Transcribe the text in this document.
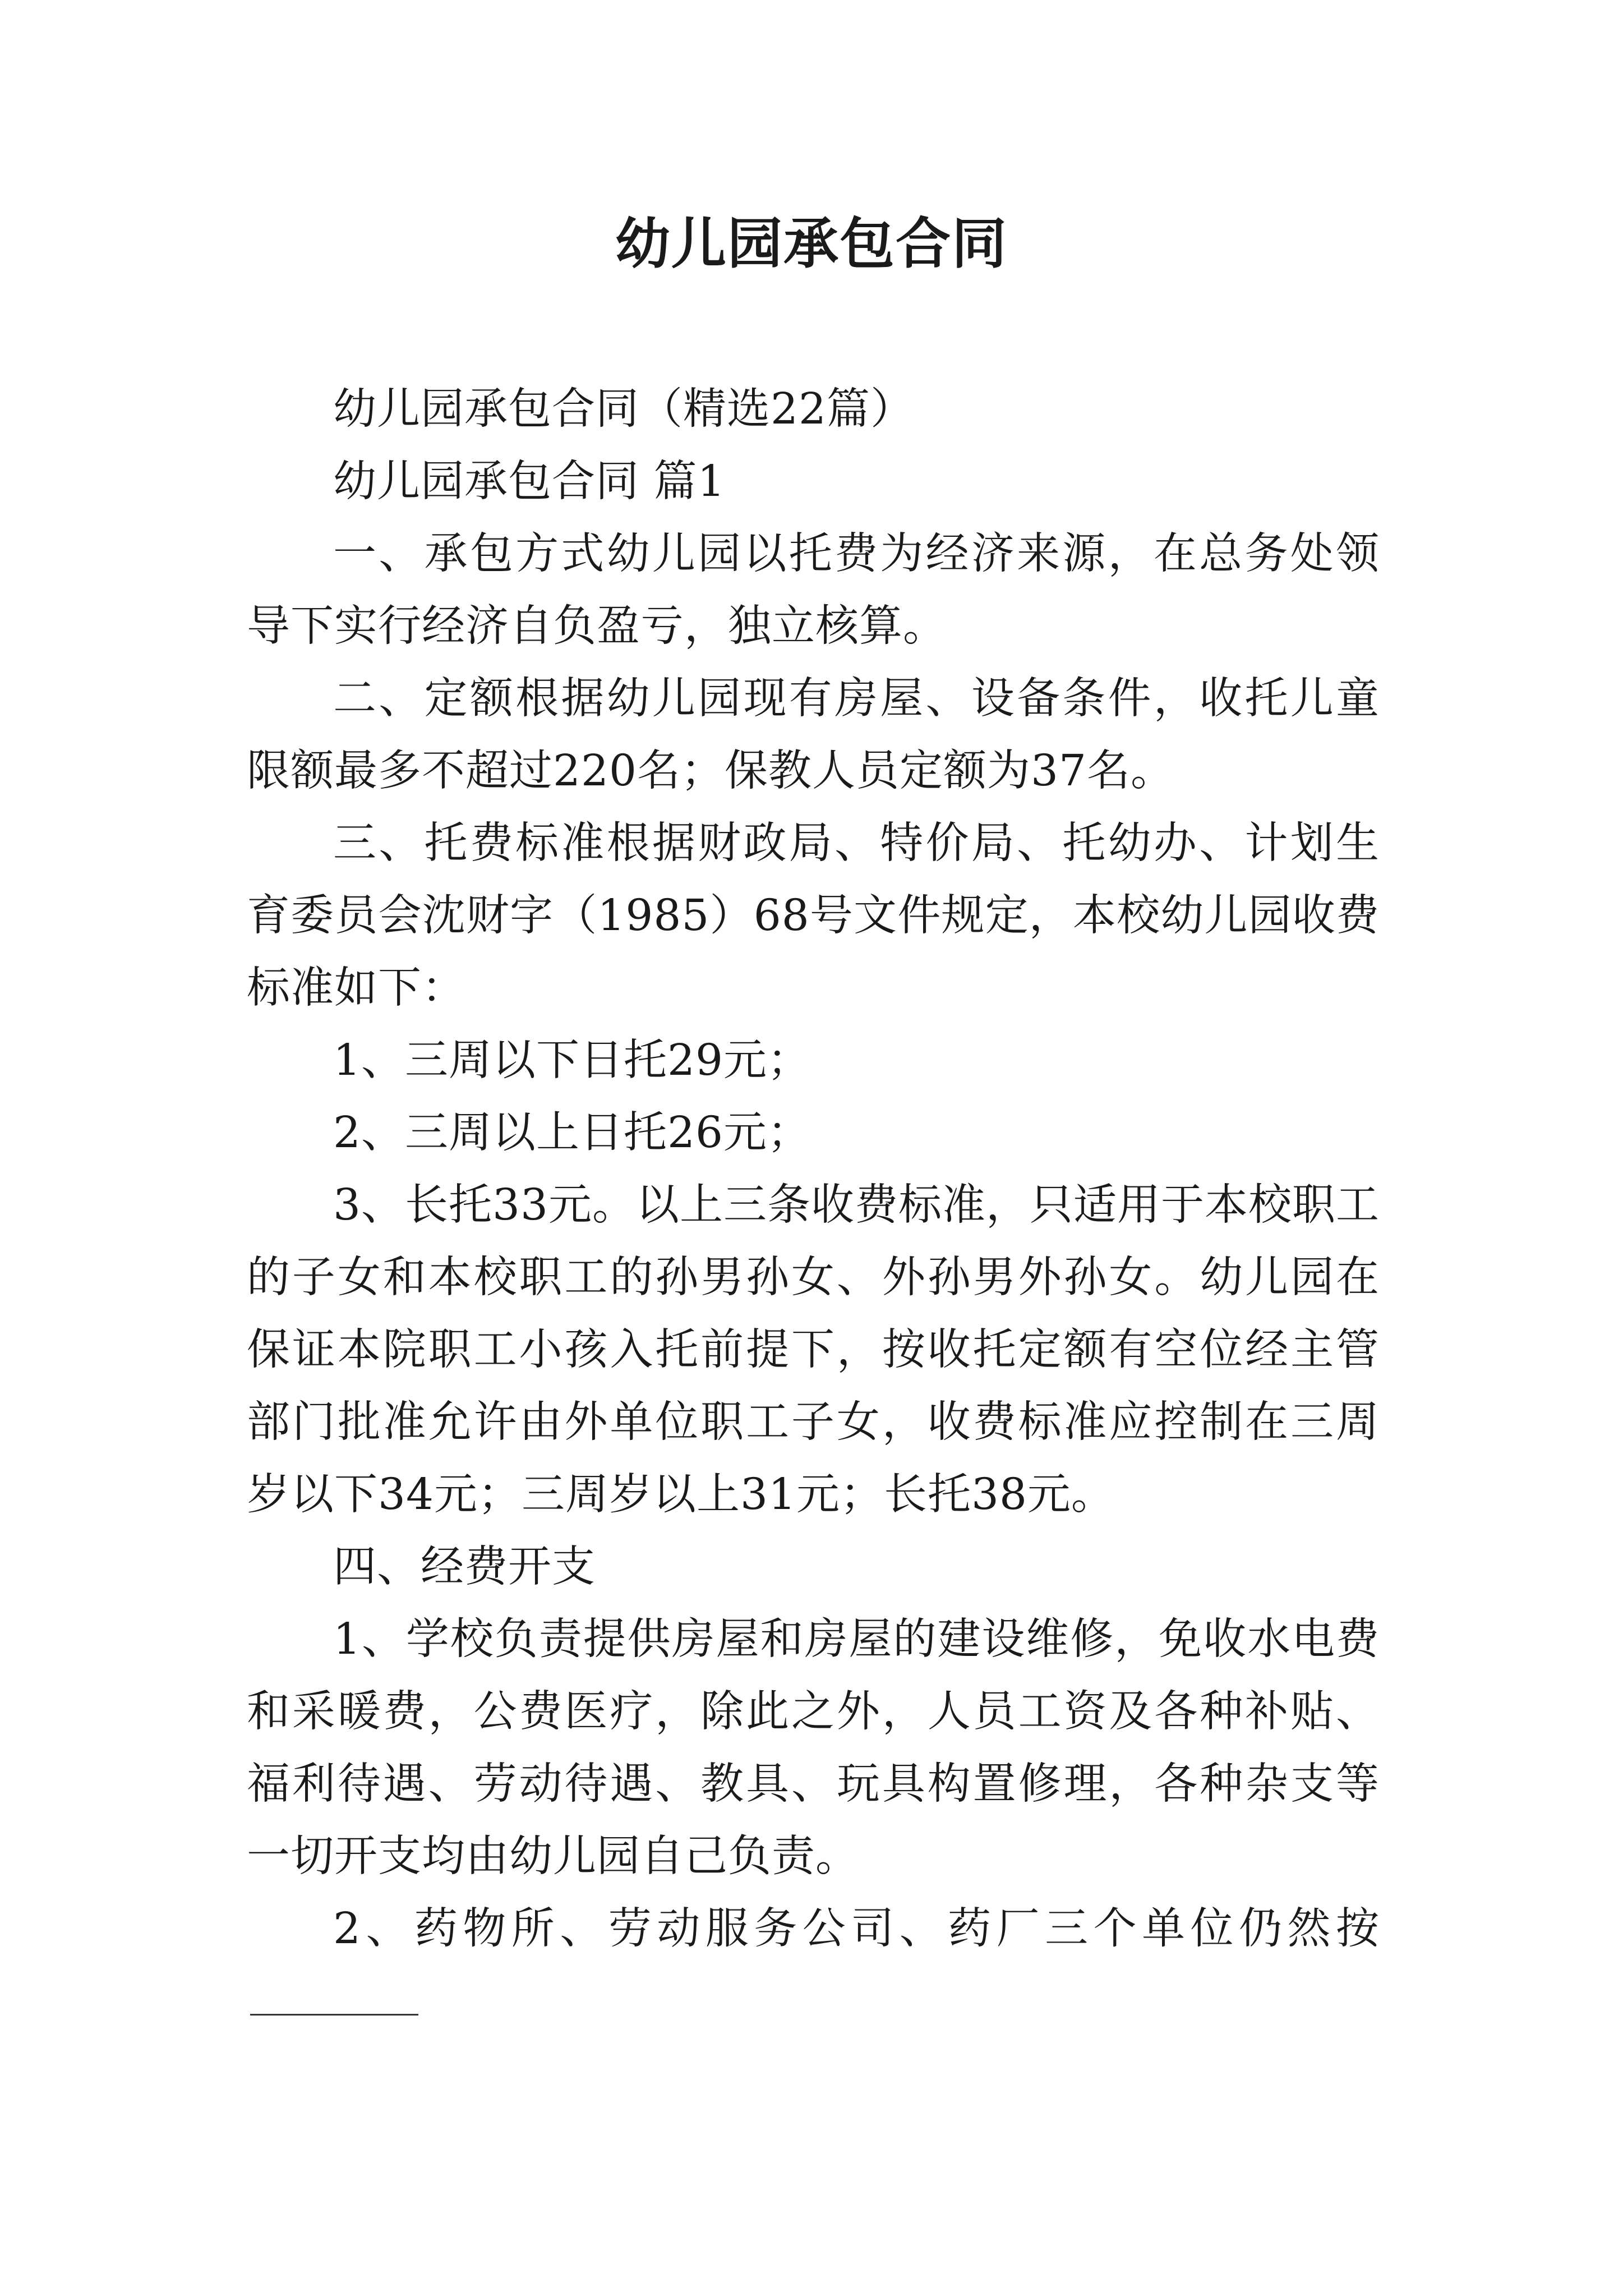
幼儿园承包合同

幼儿园承包合同（精选22篇）

幼儿园承包合同 篇1

一、承包方式幼儿园以托费为经济来源，在总务处领导下实行经济自负盈亏，独立核算。

二、定额根据幼儿园现有房屋、设备条件，收托儿童限额最多不超过220名；保教人员定额为37名。

三、托费标准根据财政局、特价局、托幼办、计划生育委员会沈财字（1985）68号文件规定，本校幼儿园收费标准如下：

1、三周以下日托29元；

2、三周以上日托26元；

3、长托33元。以上三条收费标准，只适用于本校职工的子女和本校职工的孙男孙女、外孙男外孙女。幼儿园在保证本院职工小孩入托前提下，按收托定额有空位经主管部门批准允许由外单位职工子女，收费标准应控制在三周岁以下34元；三周岁以上31元；长托38元。

四、经费开支

1、学校负责提供房屋和房屋的建设维修，免收水电费和采暖费，公费医疗，除此之外，人员工资及各种补贴、福利待遇、劳动待遇、教具、玩具构置修理，各种杂支等一切开支均由幼儿园自己负责。

2、药物所、劳动服务公司、药厂三个单位仍然按
